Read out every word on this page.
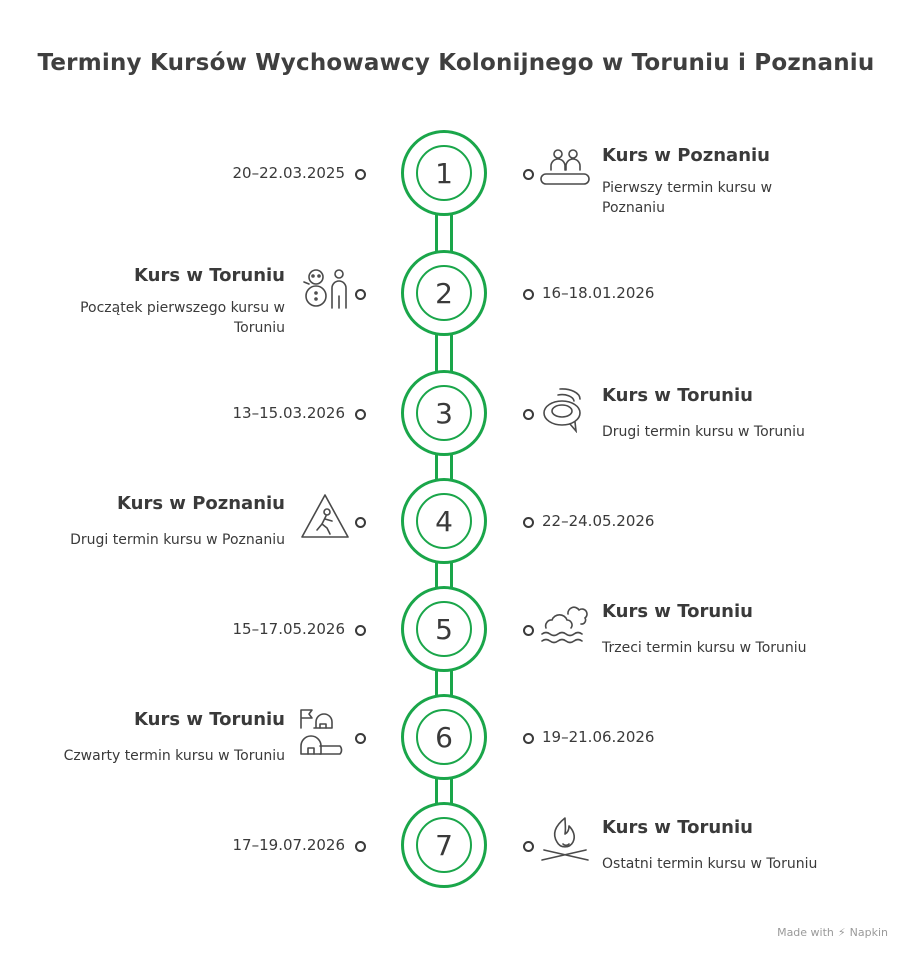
Terminy Kursów Wychowawcy Kolonijnego w Toruniu i Poznaniu
1
20–22.03.2025
Kurs w Poznaniu
Pierwszy termin kursu w Poznaniu
2	16–18.01.2026
Kurs w Toruniu
Początek pierwszego kursu w Toruniu
3
13–15.03.2026
Kurs w Toruniu
Drugi termin kursu w Toruniu
4	22–24.05.2026
Kurs w Poznaniu
Drugi termin kursu w Poznaniu
5
15–17.05.2026
Kurs w Toruniu
Trzeci termin kursu w Toruniu
6	19–21.06.2026
Kurs w Toruniu
Czwarty termin kursu w Toruniu
7
17–19.07.2026
Kurs w Toruniu
Ostatni termin kursu w Toruniu
Made with ⚡ Napkin
